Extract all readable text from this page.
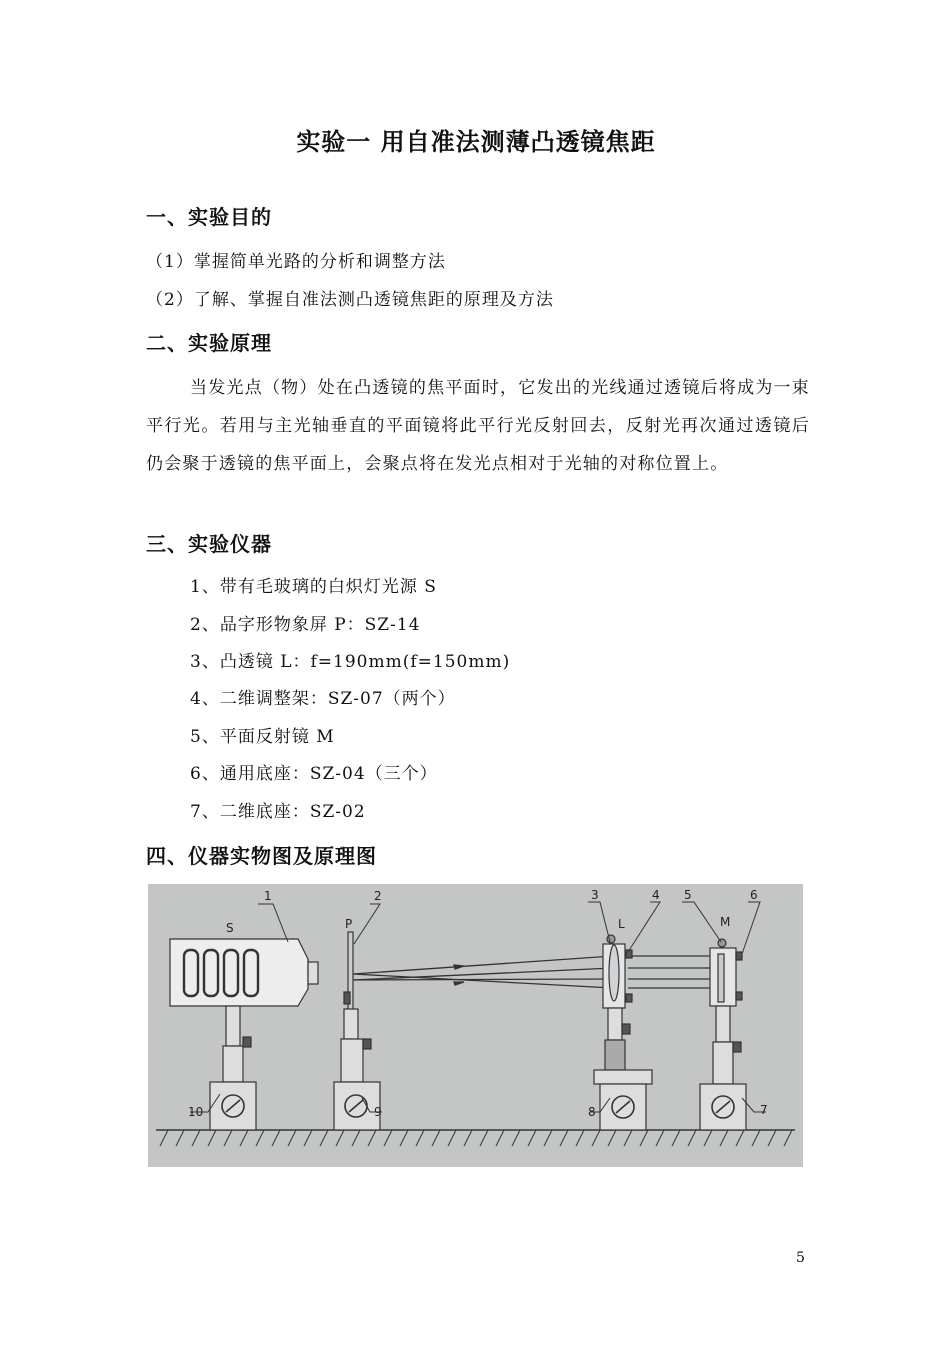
实验一 用自准法测薄凸透镜焦距
一、实验目的
（1）掌握简单光路的分析和调整方法
（2）了解、掌握自准法测凸透镜焦距的原理及方法
二、实验原理
当发光点（物）处在凸透镜的焦平面时，它发出的光线通过透镜后将成为一束平行光。若用与主光轴垂直的平面镜将此平行光反射回去，反射光再次通过透镜后仍会聚于透镜的焦平面上，会聚点将在发光点相对于光轴的对称位置上。
三、实验仪器
1、带有毛玻璃的白炽灯光源 S
2、品字形物象屏 P：SZ-14
3、凸透镜 L：f=190mm(f=150mm)
4、二维调整架：SZ-07（两个）
5、平面反射镜 M
6、通用底座：SZ-04（三个）
7、二维底座：SZ-02
四、仪器实物图及原理图
1	2	3	4 5	6
7
8
9
10
S	P	L	M
5
